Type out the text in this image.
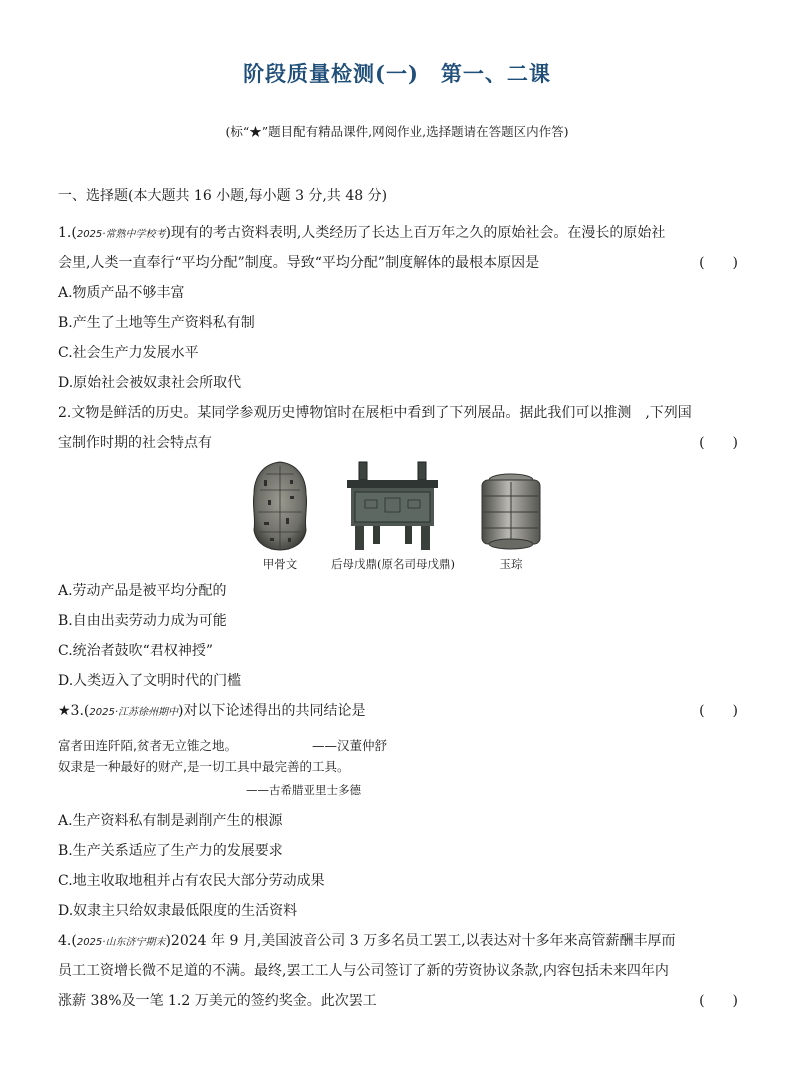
阶段质量检测(一)　第一、二课
(标“★”题目配有精品课件,网阅作业,选择题请在答题区内作答)
一、选择题(本大题共 16 小题,每小题 3 分,共 48 分)
1.(2025·常熟中学校考)现有的考古资料表明,人类经历了长达上百万年之久的原始社会。在漫长的原始社
会里,人类一直奉行“平均分配”制度。导致“平均分配”制度解体的最根本原因是	(　　)
A.物质产品不够丰富
B.产生了土地等生产资料私有制
C.社会生产力发展水平
D.原始社会被奴隶社会所取代
2.文物是鲜活的历史。某同学参观历史博物馆时在展柜中看到了下列展品。据此我们可以推测　,下列国
宝制作时期的社会特点有	(　　)
甲骨文	后母戊鼎(原名司母戊鼎)	玉琮
A.劳动产品是被平均分配的
B.自由出卖劳动力成为可能
C.统治者鼓吹“君权神授”
D.人类迈入了文明时代的门槛
★3.(2025·江苏徐州期中)对以下论述得出的共同结论是	(　　)
富者田连阡陌,贫者无立锥之地。	——汉董仲舒
奴隶是一种最好的财产,是一切工具中最完善的工具。
——古希腊亚里士多德
A.生产资料私有制是剥削产生的根源
B.生产关系适应了生产力的发展要求
C.地主收取地租并占有农民大部分劳动成果
D.奴隶主只给奴隶最低限度的生活资料
4.(2025·山东济宁期末)2024 年 9 月,美国波音公司 3 万多名员工罢工,以表达对十多年来高管薪酬丰厚而
员工工资增长微不足道的不满。最终,罢工工人与公司签订了新的劳资协议条款,内容包括未来四年内
涨薪 38%及一笔 1.2 万美元的签约奖金。此次罢工	(　　)
